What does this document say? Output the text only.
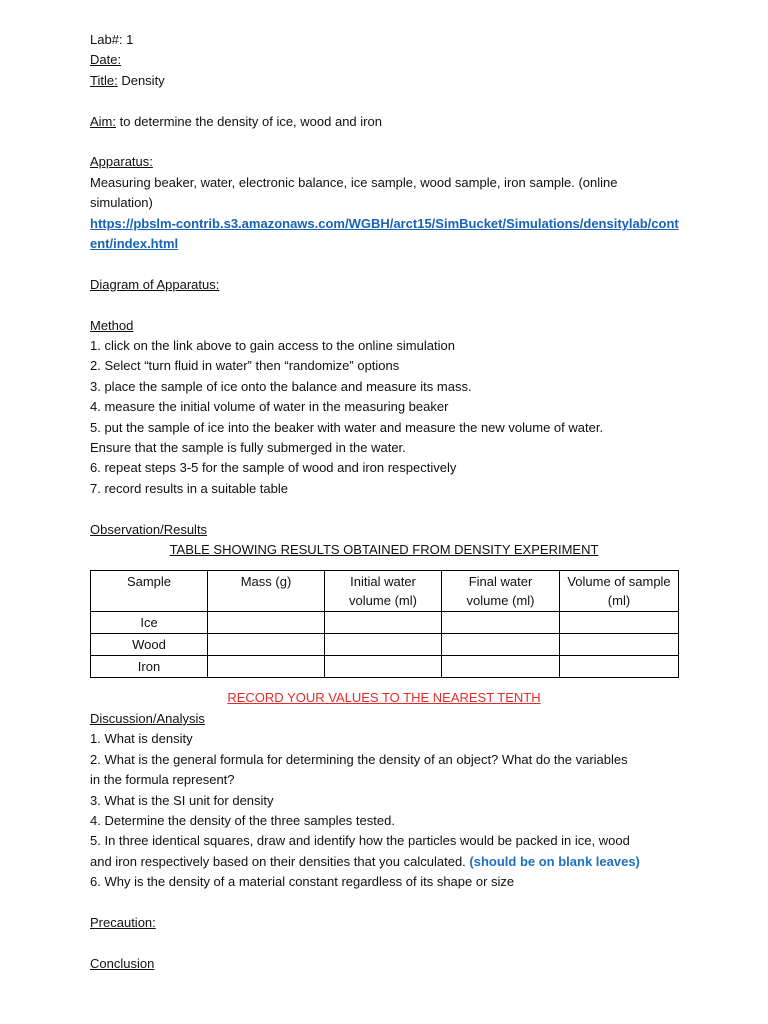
Lab#: 1
Date:
Title: Density
Aim: to determine the density of ice, wood and iron
Apparatus:
Measuring beaker, water, electronic balance, ice sample, wood sample, iron sample. (online
simulation)
https://pbslm-contrib.s3.amazonaws.com/WGBH/arct15/SimBucket/Simulations/densitylab/content/index.html
Diagram of Apparatus:
Method
1. click on the link above to gain access to the online simulation
2. Select “turn fluid in water” then “randomize” options
3. place the sample of ice onto the balance and measure its mass.
4. measure the initial volume of water in the measuring beaker
5. put the sample of ice into the beaker with water and measure the new volume of water.
Ensure that the sample is fully submerged in the water.
6. repeat steps 3-5 for the sample of wood and iron respectively
7. record results in a suitable table
Observation/Results
TABLE SHOWING RESULTS OBTAINED FROM DENSITY EXPERIMENT
Sample	Mass (g)	Initial water volume (ml)	Final water volume (ml)	Volume of sample (ml)
Ice				
Wood				
Iron				
RECORD YOUR VALUES TO THE NEAREST TENTH
Discussion/Analysis
1. What is density
2. What is the general formula for determining the density of an object? What do the variables
in the formula represent?
3. What is the SI unit for density
4. Determine the density of the three samples tested.
5. In three identical squares, draw and identify how the particles would be packed in ice, wood
and iron respectively based on their densities that you calculated. (should be on blank leaves)
6. Why is the density of a material constant regardless of its shape or size
Precaution:
Conclusion
